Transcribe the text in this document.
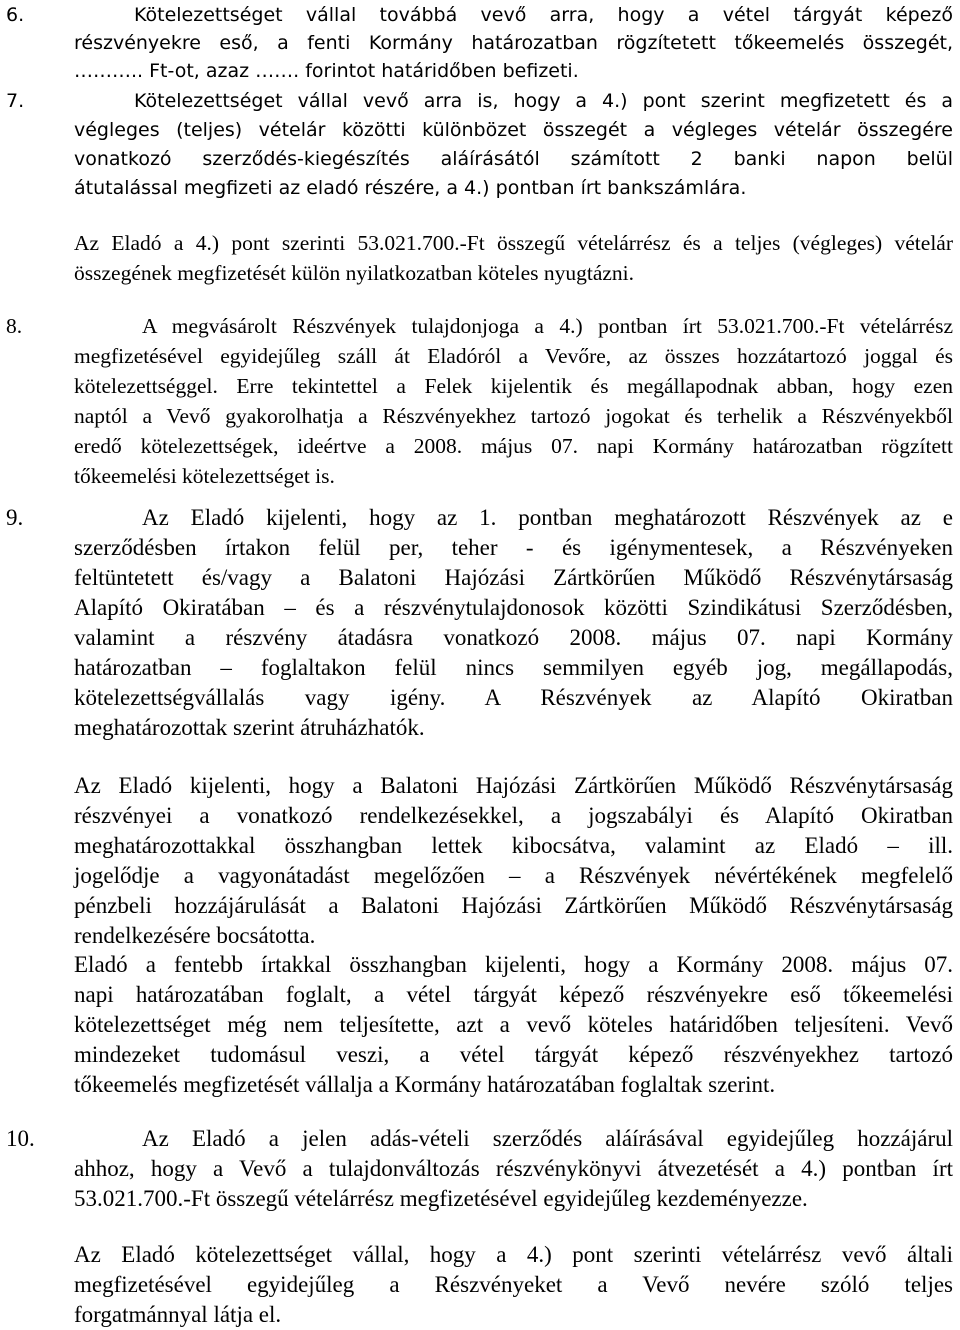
6.	Kötelezettséget vállal továbbá vevő arra, hogy a vétel tárgyát képező
részvényekre eső, a fenti Kormány határozatban rögzítetett tőkeemelés összegét,
……….. Ft-ot, azaz ……. forintot határidőben befizeti.
7.	Kötelezettséget vállal vevő arra is, hogy a 4.) pont szerint megfizetett és a
végleges (teljes) vételár közötti különbözet összegét a végleges vételár összegére
vonatkozó szerződés-kiegészítés aláírásától számított 2 banki napon belül
átutalással megfizeti az eladó részére, a 4.) pontban írt bankszámlára.
Az Eladó a 4.) pont szerinti 53.021.700.-Ft összegű vételárrész és a teljes (végleges) vételár
összegének megfizetését külön nyilatkozatban köteles nyugtázni.
8.	A megvásárolt Részvények tulajdonjoga a 4.) pontban írt 53.021.700.-Ft vételárrész
megfizetésével egyidejűleg száll át Eladóról a Vevőre, az összes hozzátartozó joggal és
kötelezettséggel. Erre tekintettel a Felek kijelentik és megállapodnak abban, hogy ezen
naptól a Vevő gyakorolhatja a Részvényekhez tartozó jogokat és terhelik a Részvényekből
eredő kötelezettségek, ideértve a 2008. május 07. napi Kormány határozatban rögzített
tőkeemelési kötelezettséget is.
9.	Az Eladó kijelenti, hogy az 1. pontban meghatározott Részvények az e
szerződésben írtakon felül per, teher - és igénymentesek, a Részvényeken
feltüntetett és/vagy a Balatoni Hajózási Zártkörűen Működő Részvénytársaság
Alapító Okiratában – és a részvénytulajdonosok közötti Szindikátusi Szerződésben,
valamint a részvény átadásra vonatkozó 2008. május 07. napi Kormány
határozatban – foglaltakon felül nincs semmilyen egyéb jog, megállapodás,
kötelezettségvállalás vagy igény. A Részvények az Alapító Okiratban
meghatározottak szerint átruházhatók.
Az Eladó kijelenti, hogy a Balatoni Hajózási Zártkörűen Működő Részvénytársaság
részvényei a vonatkozó rendelkezésekkel, a jogszabályi és Alapító Okiratban
meghatározottakkal összhangban lettek kibocsátva, valamint az Eladó – ill.
jogelődje a vagyonátadást megelőzően – a Részvények névértékének megfelelő
pénzbeli hozzájárulását a Balatoni Hajózási Zártkörűen Működő Részvénytársaság
rendelkezésére bocsátotta.
Eladó a fentebb írtakkal összhangban kijelenti, hogy a Kormány 2008. május 07.
napi határozatában foglalt, a vétel tárgyát képező részvényekre eső tőkeemelési
kötelezettséget még nem teljesítette, azt a vevő köteles határidőben teljesíteni. Vevő
mindezeket tudomásul veszi, a vétel tárgyát képező részvényekhez tartozó
tőkeemelés megfizetését vállalja a Kormány határozatában foglaltak szerint.
10.	Az Eladó a jelen adás-vételi szerződés aláírásával egyidejűleg hozzájárul
ahhoz, hogy a Vevő a tulajdonváltozás részvénykönyvi átvezetését a 4.) pontban írt
53.021.700.-Ft összegű vételárrész megfizetésével egyidejűleg kezdeményezze.
Az Eladó kötelezettséget vállal, hogy a 4.) pont szerinti vételárrész vevő általi
megfizetésével egyidejűleg a Részvényeket a Vevő nevére szóló teljes
forgatmánnyal látja el.
